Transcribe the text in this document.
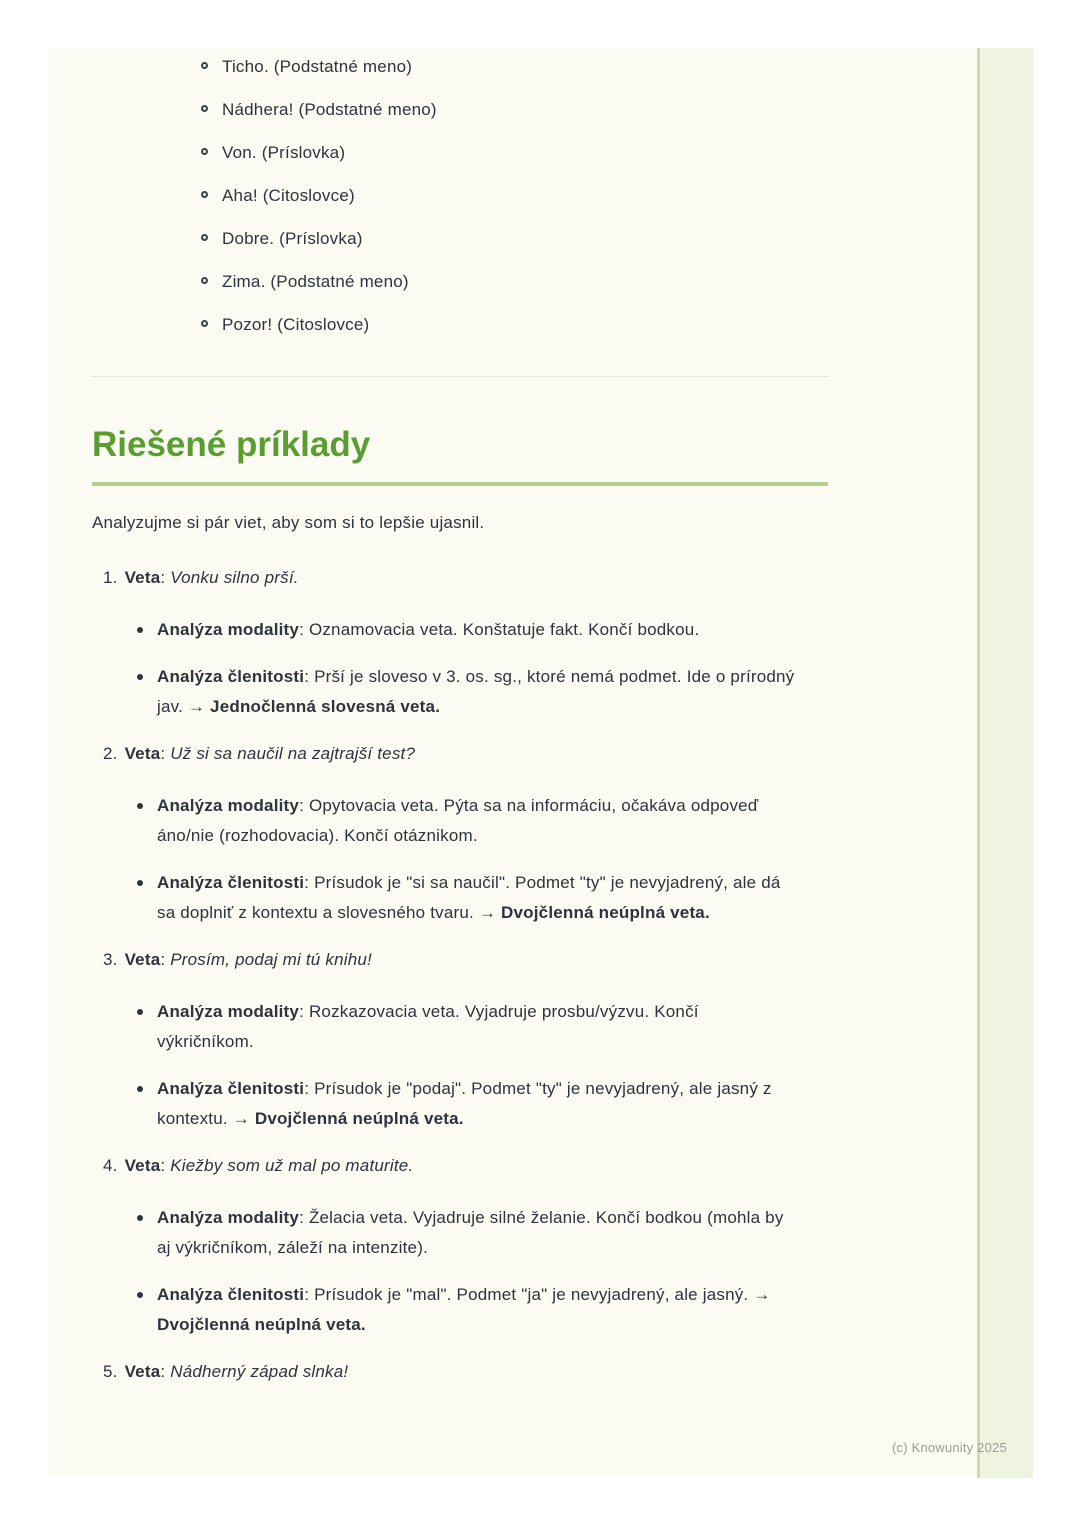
Ticho. (Podstatné meno)
Nádhera! (Podstatné meno)
Von. (Príslovka)
Aha! (Citoslovce)
Dobre. (Príslovka)
Zima. (Podstatné meno)
Pozor! (Citoslovce)
Riešené príklady

Analyzujme si pár viet, aby som si to lepšie ujasnil.

1. Veta: Vonku silno prší.
Analýza modality: Oznamovacia veta. Konštatuje fakt. Končí bodkou.
Analýza členitosti: Prší je sloveso v 3. os. sg., ktoré nemá podmet. Ide o prírodný jav. → Jednočlenná slovesná veta.
2. Veta: Už si sa naučil na zajtrajší test?
Analýza modality: Opytovacia veta. Pýta sa na informáciu, očakáva odpoveď áno/nie (rozhodovacia). Končí otáznikom.
Analýza členitosti: Prísudok je "si sa naučil". Podmet "ty" je nevyjadrený, ale dá sa doplniť z kontextu a slovesného tvaru. → Dvojčlenná neúplná veta.
3. Veta: Prosím, podaj mi tú knihu!
Analýza modality: Rozkazovacia veta. Vyjadruje prosbu/výzvu. Končí výkričníkom.
Analýza členitosti: Prísudok je "podaj". Podmet "ty" je nevyjadrený, ale jasný z kontextu. → Dvojčlenná neúplná veta.
4. Veta: Kiežby som už mal po maturite.
Analýza modality: Želacia veta. Vyjadruje silné želanie. Končí bodkou (mohla by aj výkričníkom, záleží na intenzite).
Analýza členitosti: Prísudok je "mal". Podmet "ja" je nevyjadrený, ale jasný. → Dvojčlenná neúplná veta.
5. Veta: Nádherný západ slnka!
(c) Knowunity 2025
